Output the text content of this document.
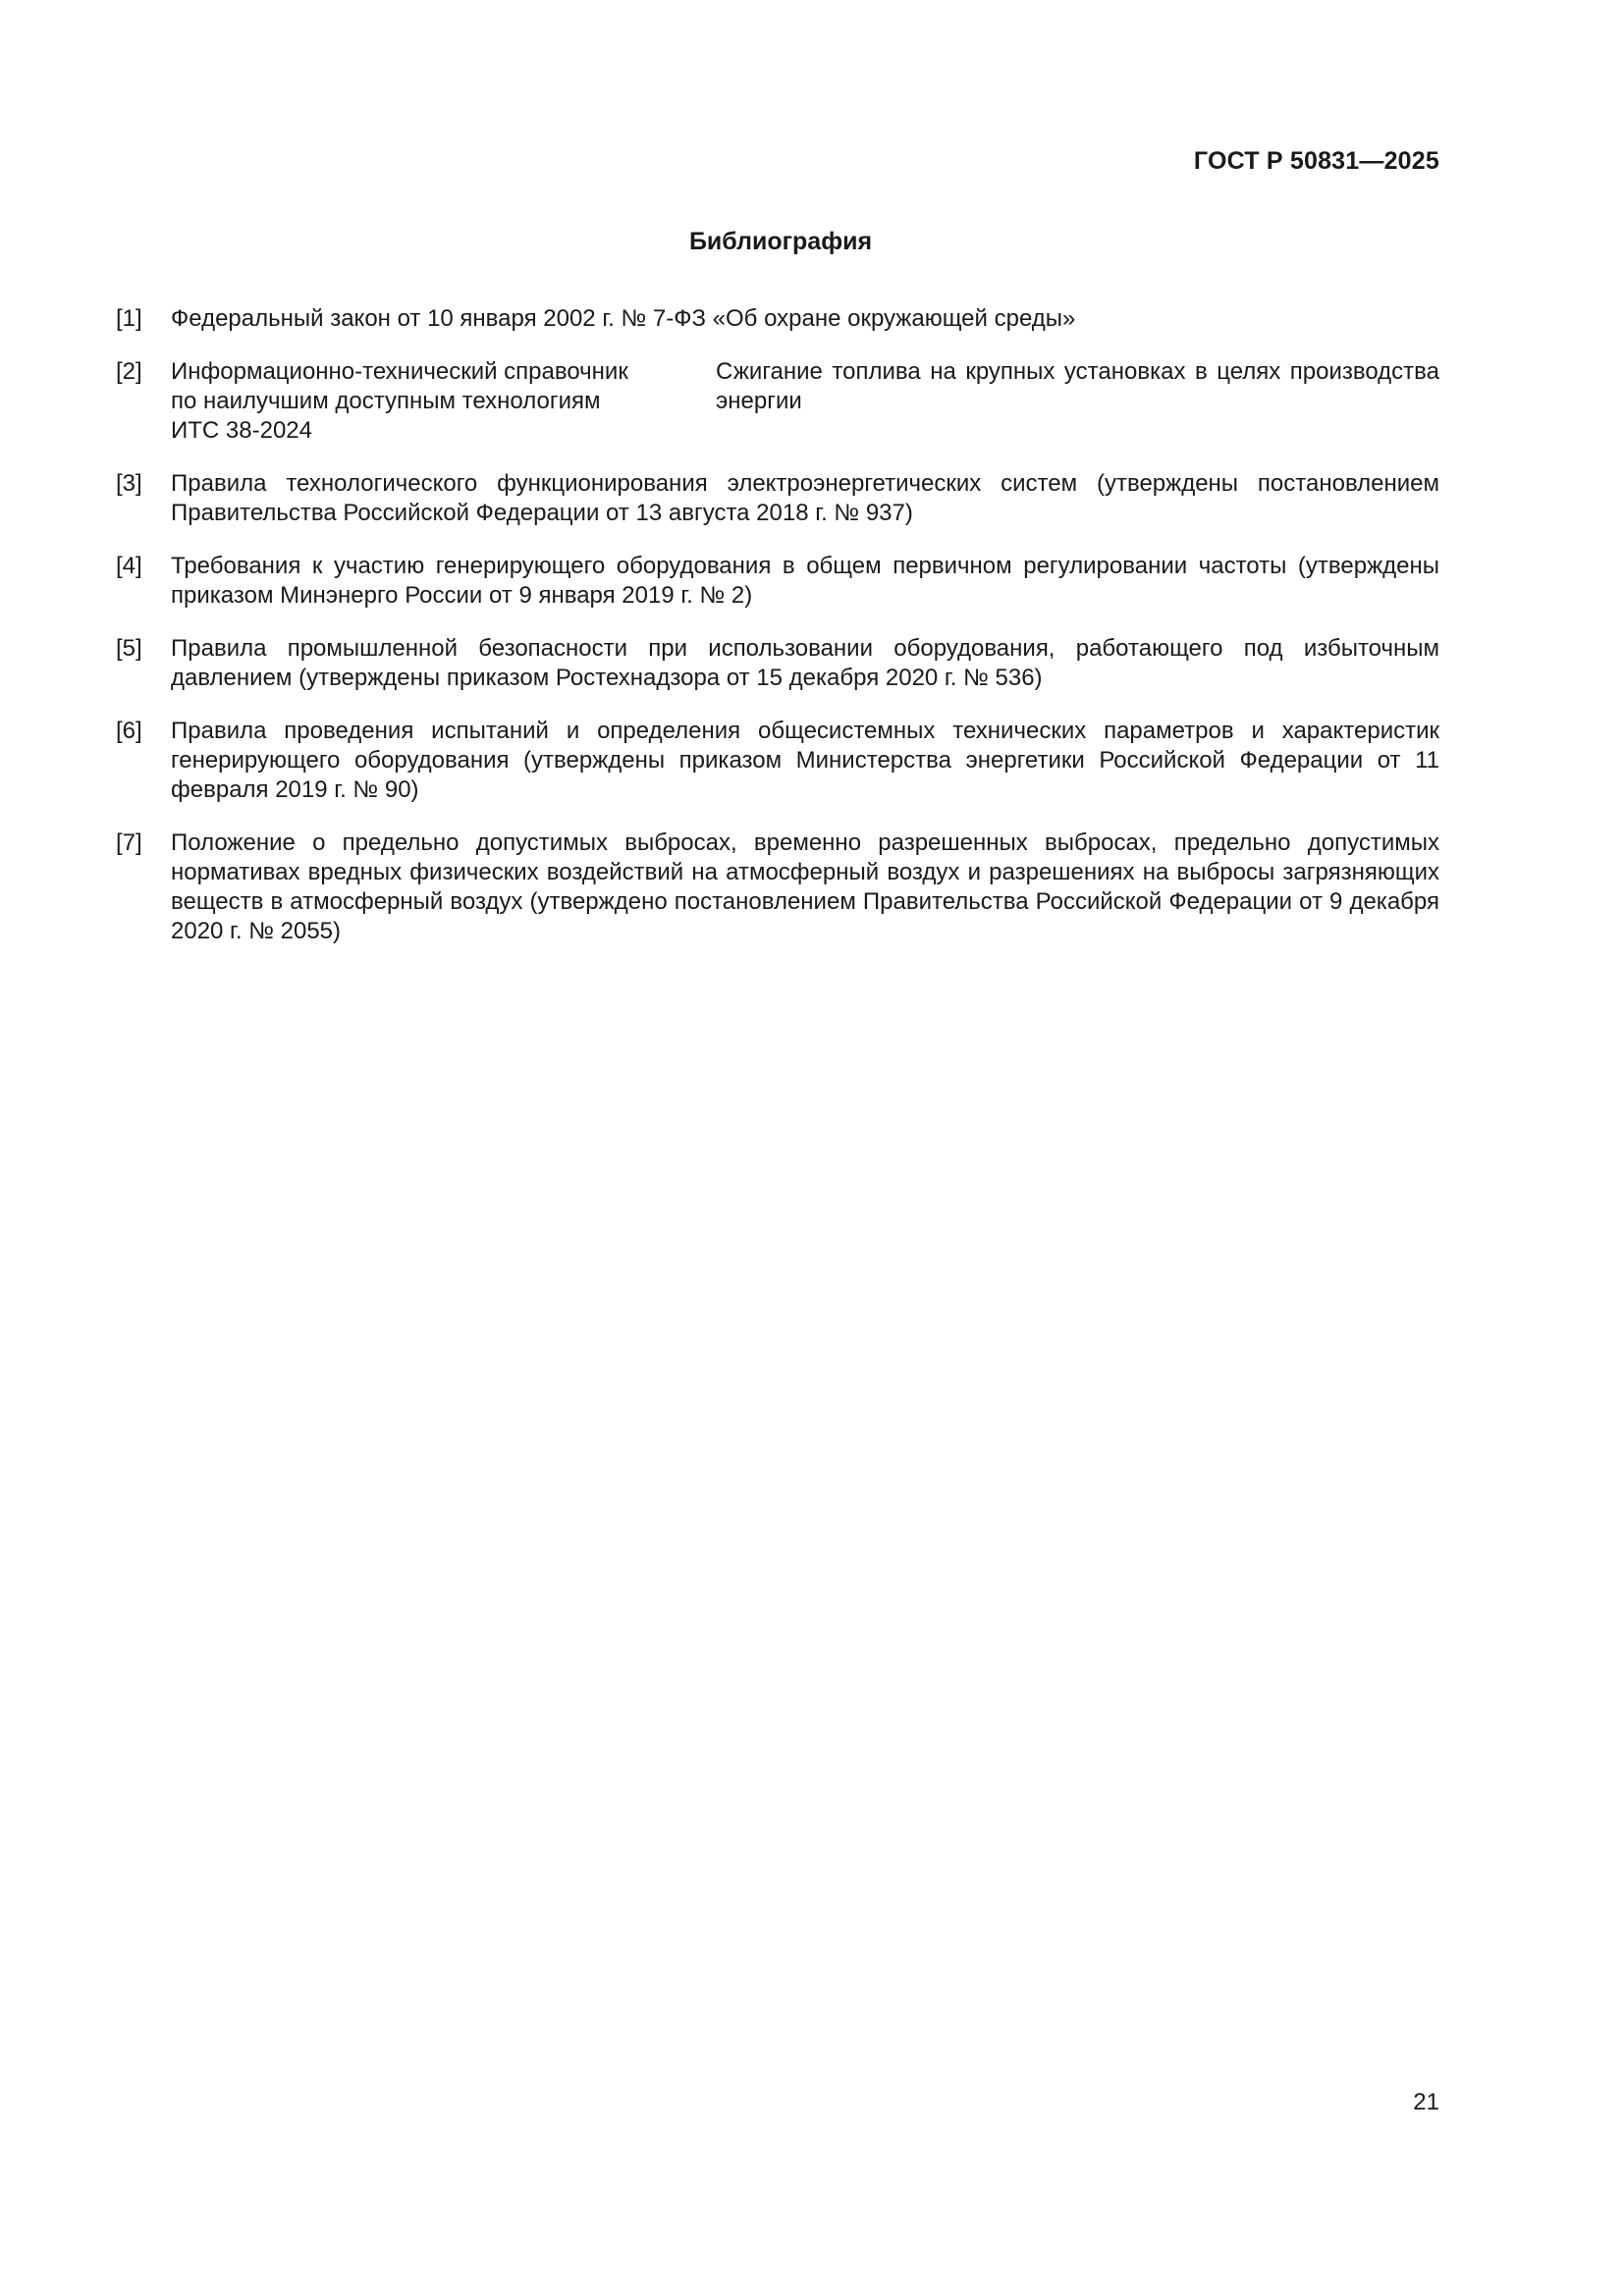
ГОСТ Р 50831—2025
Библиография
[1]	Федеральный закон от 10 января 2002 г. № 7-ФЗ «Об охране окружающей среды»
[2]	Информационно-технический справочник
по наилучшим доступным технологиям
ИТС 38-2024
Сжигание топлива на крупных установках в целях производства энергии
[3]	Правила технологического функционирования электроэнергетических систем (утверждены постановлением Правительства Российской Федерации от 13 августа 2018 г. № 937)
[4]	Требования к участию генерирующего оборудования в общем первичном регулировании частоты (утверждены приказом Минэнерго России от 9 января 2019 г. № 2)
[5]	Правила промышленной безопасности при использовании оборудования, работающего под избыточным давлением (утверждены приказом Ростехнадзора от 15 декабря 2020 г. № 536)
[6]	Правила проведения испытаний и определения общесистемных технических параметров и характеристик генерирующего оборудования (утверждены приказом Министерства энергетики Российской Федерации от 11 февраля 2019 г. № 90)
[7]	Положение о предельно допустимых выбросах, временно разрешенных выбросах, предельно допустимых нормативах вредных физических воздействий на атмосферный воздух и разрешениях на выбросы загрязняющих веществ в атмосферный воздух (утверждено постановлением Правительства Российской Федерации от 9 декабря 2020 г. № 2055)
21
